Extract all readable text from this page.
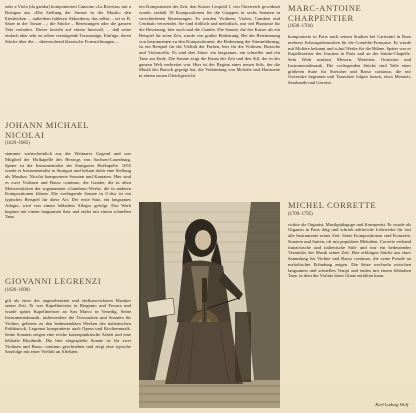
oder a Viola (da gamba) komponierten Canzone »La Rovetta« mit a Bologna aus »Die Stellung der Sonate in der Musik« den Eindrücken ... außerdem bildeten Akkordeon, das selbst – sei es B. Sätze in der Tonart ...; die Stücke – Besetzungen oder die ganzen Takt verhaftet. Dieser besteht auf einem Intervall, ... daß seine einfach aber sehr zu sehen vermögende Tonauszüge, Einfüge, deren Stücke über die ... überraschend klassische Formsichtungen ...

JOHANN MICHAEL NICOLAI
(1629–1685)

stammte wahrscheinlich aus der Weimarer Gegend und war Mitglied der Hofkapelle des Herzogs von Sachsen-Lauenburg. Später ist der Instrumentalist der Stuttgarter Hofkapelle. 1655 wurde er Instrumentalist in Stuttgart und bekam dafür eine Stellung als Musiker. Nicolai komponierte Sonaten und Kantaten. Hier sind es zwei Violinen und Basso continuo, die Gambe, die in alten Meisterstücken der sogenannten »Gamben«-Werke, die in anderen Kompositionen führen. Die vorliegende Sonate in G-dur ist ein typisches Beispiel für diese Art. Der erste Satz, ein langsames Adagio, wird von einem lebhaften Allegro gefolgt. Das Werk beginnt mit einem langsamen Satz und endet mit einem schnellen Tanz.

GIOVANNI LEGRENZI
(1626–1690)

gilt als einer der angesehensten und einflussreichsten Musiker seiner Zeit. Er war Kapellmeister in Bergamo und Ferrara und wurde später Kapellmeister an San Marco in Venedig. Seine Instrumentalmusik, insbesondere die Triosonaten und Sonaten für Violine, gehören zu den bedeutendsten Werken des italienischen Frühbarock. Legrenzi komponierte auch Opern und Kirchenmusik. Seine Sonaten zeigen eine reiche kontrapunktische Arbeit und eine lebhafte Rhythmik. Die hier eingespielte Sonate ist für zwei Violinen und Basso continuo geschrieben und zeigt eine typische Satzfolge mit einer Vielfalt an Affekten.

ten Komponisten der Zeit, den Kaiser Leopold I. von Österreich gewidmet wurde, enthält 18 Kompositionen für die Gruppen in sechs Sonaten in verschiedenen Besetzungen. Es werden Violinen, Violen, Gamben und Cembalo verwendet. Sie sind fröhlich und melodisch, mit viel Phantasie für die Besetzung, hier auch und die Gambe. Die Sonate, die der Kaiser als ein Beispiel für seine Zeit, wurde von großer Bedeutung. Bei der Bestimmung von Instrumenten zu den Kompositionen, die Bedeutung der Stimmführung, ist ein Beispiel für die Vielfalt der Farben, hier für die Violinen, Bratsche und Violoncello. Es sind drei Sätze: ein langsamer, ein schneller und ein Tanz am Ende. Die Sonate zeigt die Kunst der Zeit und den Stil, der in der ganzen Welt verbreitet war. Hier ist der Beginn eines neuen Stils, der die Musik des Barock geprägt hat, die Verbindung von Melodie und Harmonie in einem neuen Gleichgewicht.

MARC-ANTOINE CHARPENTIER
(1636–1704)

komponierte in Paris nach seinen Studien bei Carissimi in Rom mehrere Schauspielmusiken für die Comédie-Française. Er wurde mit Molière bekannt und schuf Werke für die Bühne. Später war er Kapellmeister der Jesuiten in Paris und an der Sainte-Chapelle. Sein Werk umfasst Messen, Motetten, Oratorien und Instrumentalmusik. Die vorliegenden Stücke sind Teile einer größeren Suite für Streicher und Basso continuo, die mit Ouvertüre beginnen und Tanzsätze folgen lassen, etwa Menuett, Sarabande und Gavotte.

MICHEL CORRETTE
(1709–1795)

wirkte als Organist, Musikpädagoge und Komponist. Er wurde als Organist in Paris tätig und schrieb zahlreiche Lehrwerke für fast alle Instrumente seiner Zeit. Seine Kompositionen sind Konzerte, Sonaten und Suiten, oft mit populären Melodien. Corrette verband französische und italienische Stile und war ein bedeutender Vermittler der Musik seiner Zeit. Hier erklingen Stücke aus einer Sammlung für Violine und Basso continuo, die seine Freude an melodischer Erfindung zeigen. Die Sätze wechseln zwischen langsamen und schnellen Tempi und enden mit einem lebhaften Tanz, in dem die Violine ihren Glanz entfalten kann.

Karl Ludwig Wolf
